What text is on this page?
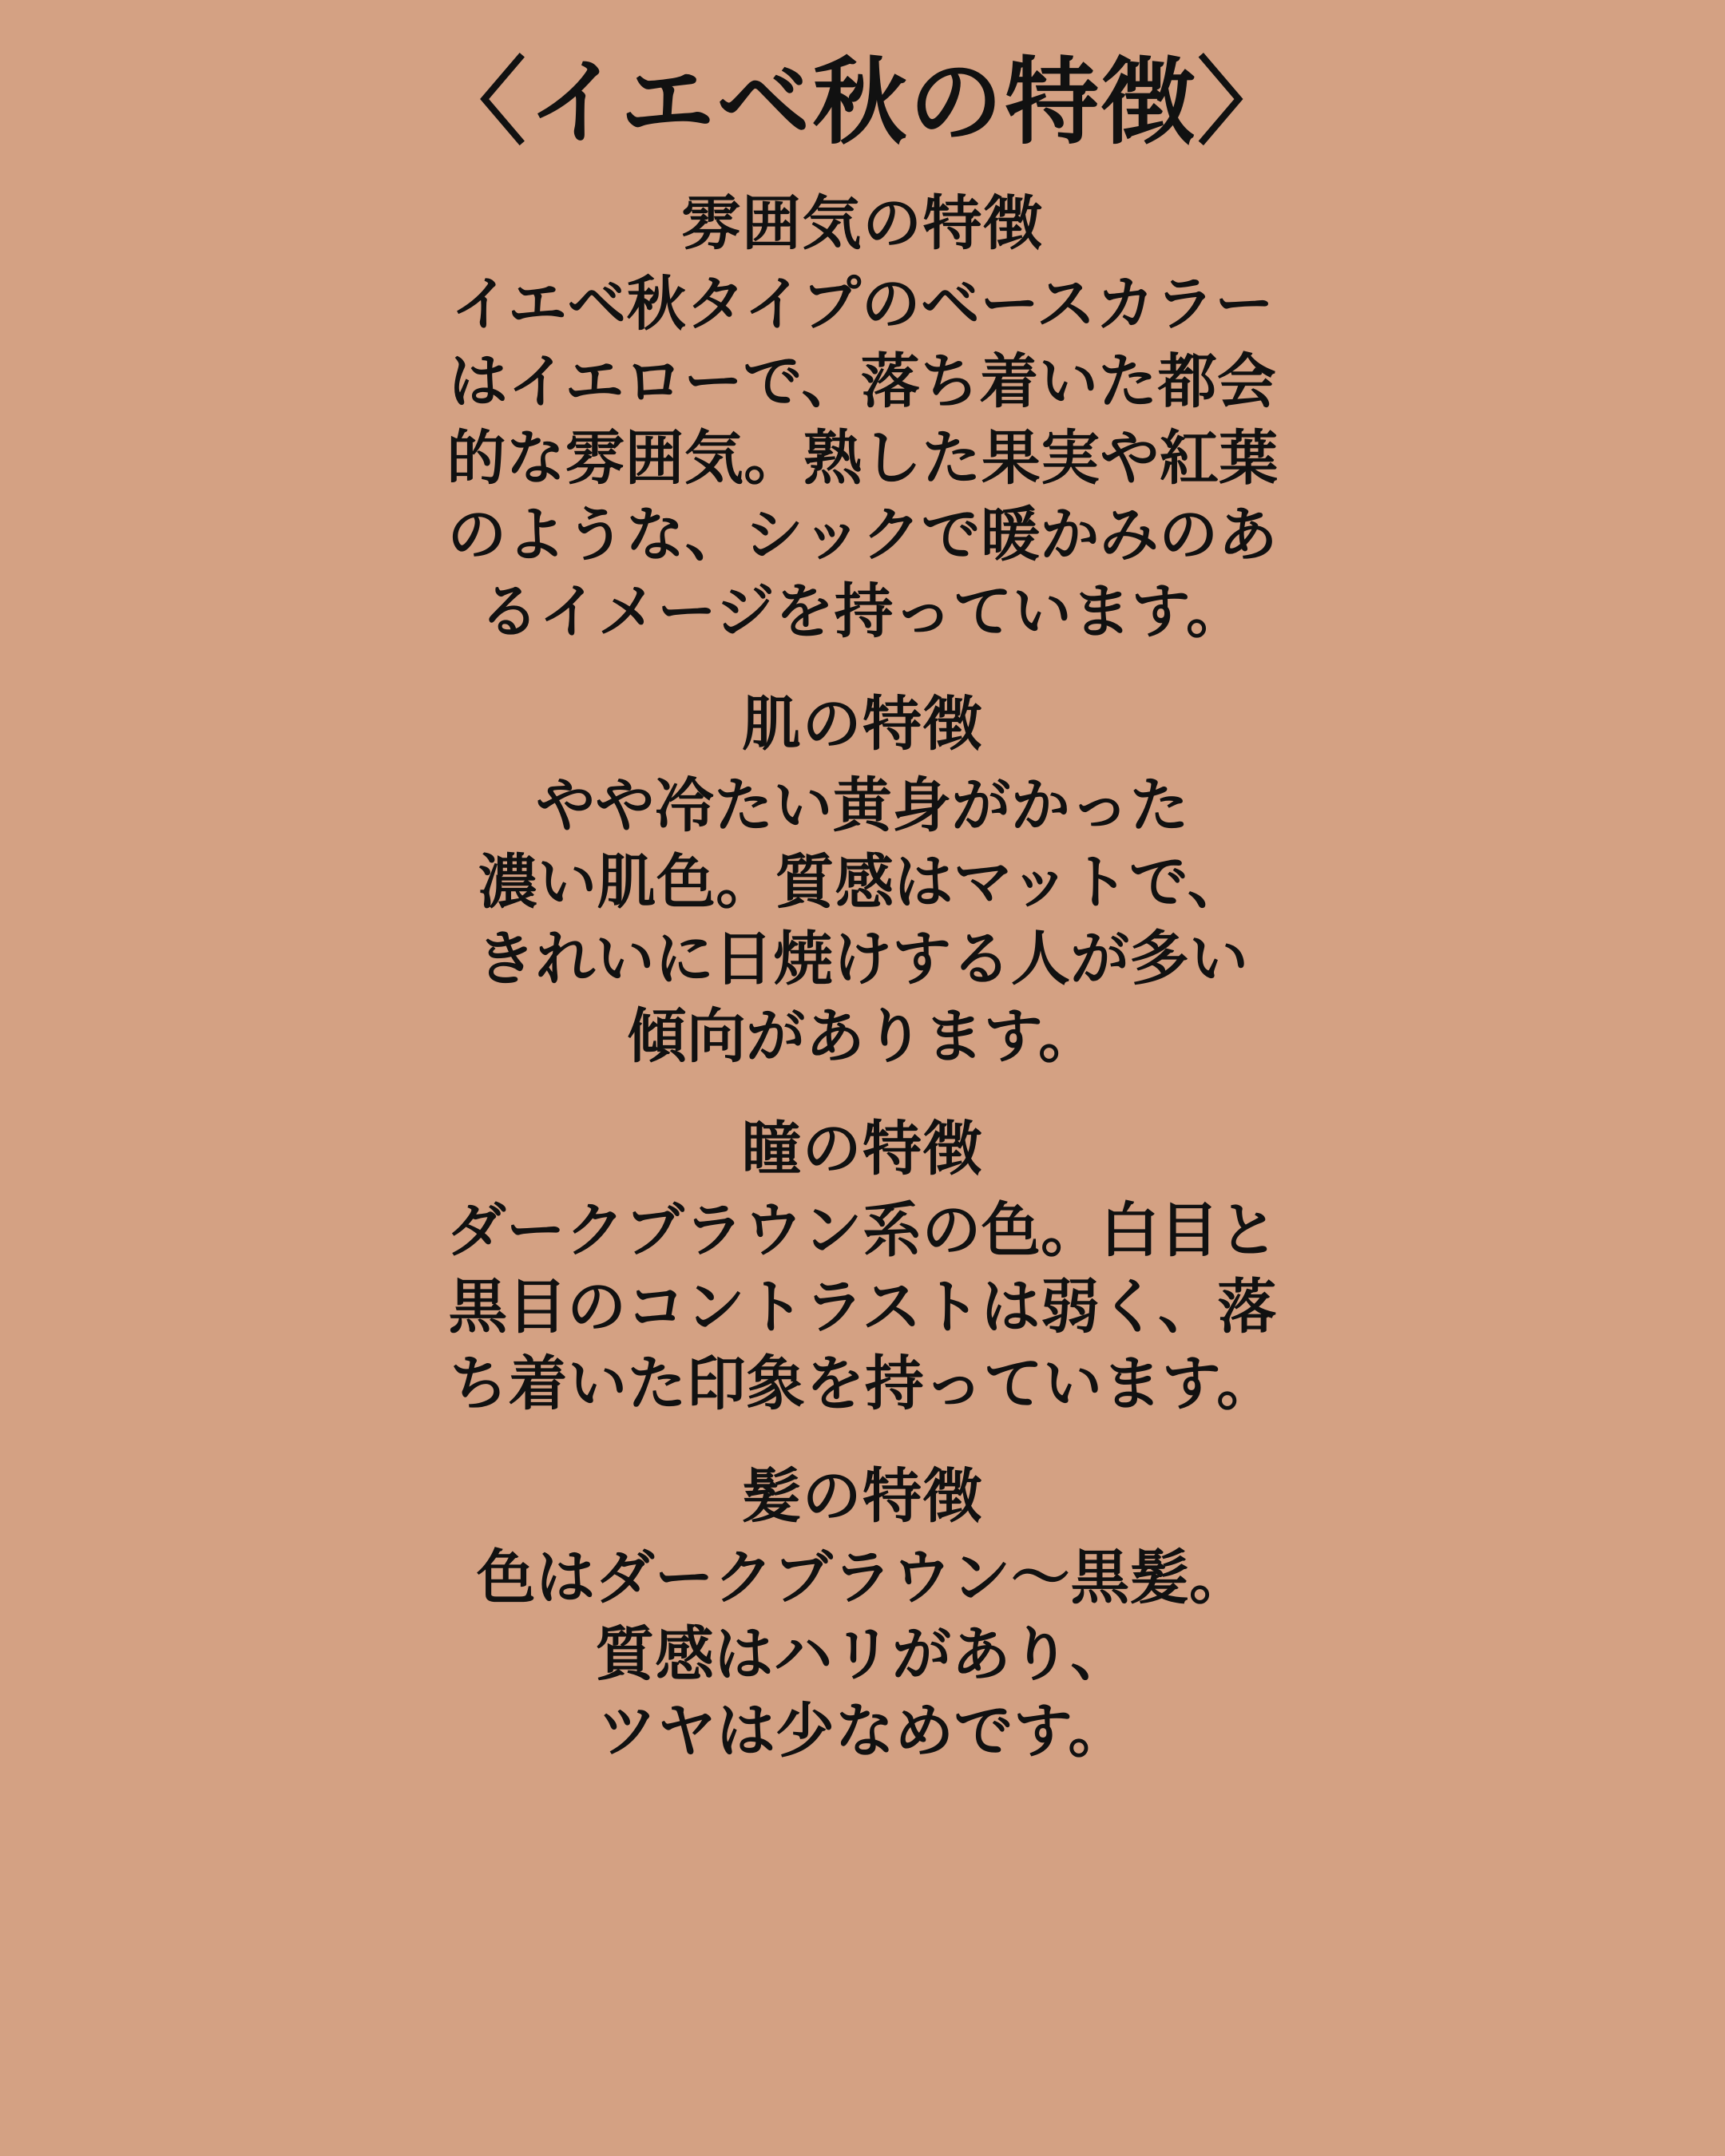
〈イエベ秋の特徴〉
雰囲気の特徴
イエベ秋タイプのベースカラー
はイエローで、落ち着いた都会
的な雰囲気。熟した果実や紅葉
のような、シックで暖かみのあ
るイメージを持っています。
肌の特徴
やや冷たい黄身がかった
濃い肌色。質感はマットで、
きれいに日焼けする人が多い
傾向があります。
瞳の特徴
ダークブラウン系の色。白目と
黒目のコントラストは弱く、落
ち着いた印象を持っています。
髪の特徴
色はダークブラウン〜黒髪。
質感はハリがあり、
ツヤは少なめです。
